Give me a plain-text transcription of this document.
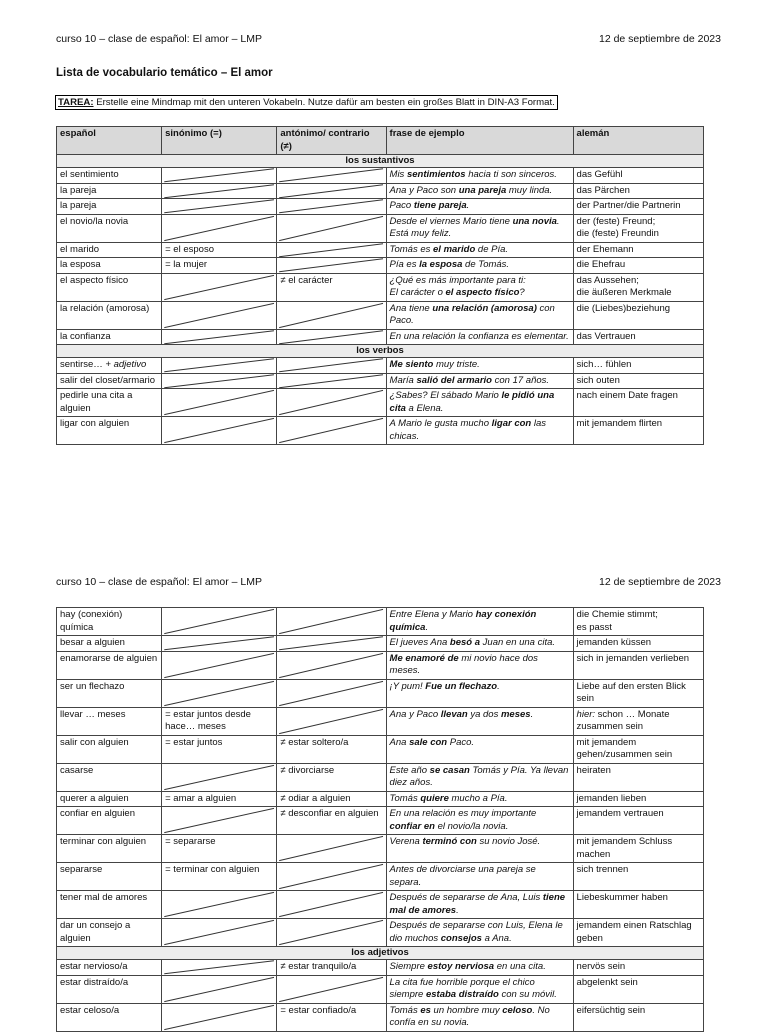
curso 10 – clase de español: El amor – LMP	12 de septiembre de 2023
Lista de vocabulario temático – El amor
TAREA: Erstelle eine Mindmap mit den unteren Vokabeln. Nutze dafür am besten ein großes Blatt in DIN-A3 Format.
español	sinónimo (=)	antónimo/ contrario (≠)	frase de ejemplo	alemán
los sustantivos				
el sentimiento			Mis sentimientos hacia ti son sinceros.	das Gefühl
la pareja			Ana y Paco son una pareja muy linda.	das Pärchen
la pareja			Paco tiene pareja.	der Partner/die Partnerin
el novio/la novia			Desde el viernes Mario tiene una novia. Está muy feliz.	der (feste) Freund;
die (feste) Freundin
el marido	= el esposo		Tomás es el marido de Pía.	der Ehemann
la esposa	= la mujer		Pía es la esposa de Tomás.	die Ehefrau
el aspecto físico		≠ el carácter	¿Qué es más importante para ti:
El carácter o el aspecto físico?	das Aussehen;
die äußeren Merkmale
la relación (amorosa)			Ana tiene una relación (amorosa) con Paco.	die (Liebes)beziehung
la confianza			En una relación la confianza es elementar.	das Vertrauen
los verbos				
sentirse… + adjetivo			Me siento muy triste.	sich… fühlen
salir del closet/armario			María salió del armario con 17 años.	sich outen
pedirle una cita a alguien			¿Sabes? El sábado Mario le pidió una cita a Elena.	nach einem Date fragen
ligar con alguien			A Mario le gusta mucho ligar con las chicas.	mit jemandem flirten
curso 10 – clase de español: El amor – LMP	12 de septiembre de 2023
hay (conexión) química			Entre Elena y Mario hay conexión química.	die Chemie stimmt;
es passt
besar a alguien			El jueves Ana besó a Juan en una cita.	jemanden küssen
enamorarse de alguien			Me enamoré de mi novio hace dos meses.	sich in jemanden verlieben
ser un flechazo			¡Y pum! Fue un flechazo.	Liebe auf den ersten Blick sein
llevar … meses	= estar juntos desde hace… meses		Ana y Paco llevan ya dos meses.	hier: schon … Monate zusammen sein
salir con alguien	= estar juntos	≠ estar soltero/a	Ana sale con Paco.	mit jemandem gehen/zusammen sein
casarse		≠ divorciarse	Este año se casan Tomás y Pía. Ya llevan diez años.	heiraten
querer a alguien	= amar a alguien	≠ odiar a alguien	Tomás quiere mucho a Pía.	jemanden lieben
confiar en alguien		≠ desconfiar en alguien	En una relación es muy importante confiar en el novio/la novia.	jemandem vertrauen
terminar con alguien	= separarse		Verena terminó con su novio José.	mit jemandem Schluss machen
separarse	= terminar con alguien		Antes de divorciarse una pareja se separa.	sich trennen
tener mal de amores			Después de separarse de Ana, Luis tiene mal de amores.	Liebeskummer haben
dar un consejo a alguien			Después de separarse con Luis, Elena le dio muchos consejos a Ana.	jemandem einen Ratschlag geben
los adjetivos				
estar nervioso/a		≠ estar tranquilo/a	Siempre estoy nerviosa en una cita.	nervös sein
estar distraído/a			La cita fue horrible porque el chico siempre estaba distraído con su móvil.	abgelenkt sein
estar celoso/a		= estar confiado/a	Tomás es un hombre muy celoso. No confía en su novia.	eifersüchtig sein
